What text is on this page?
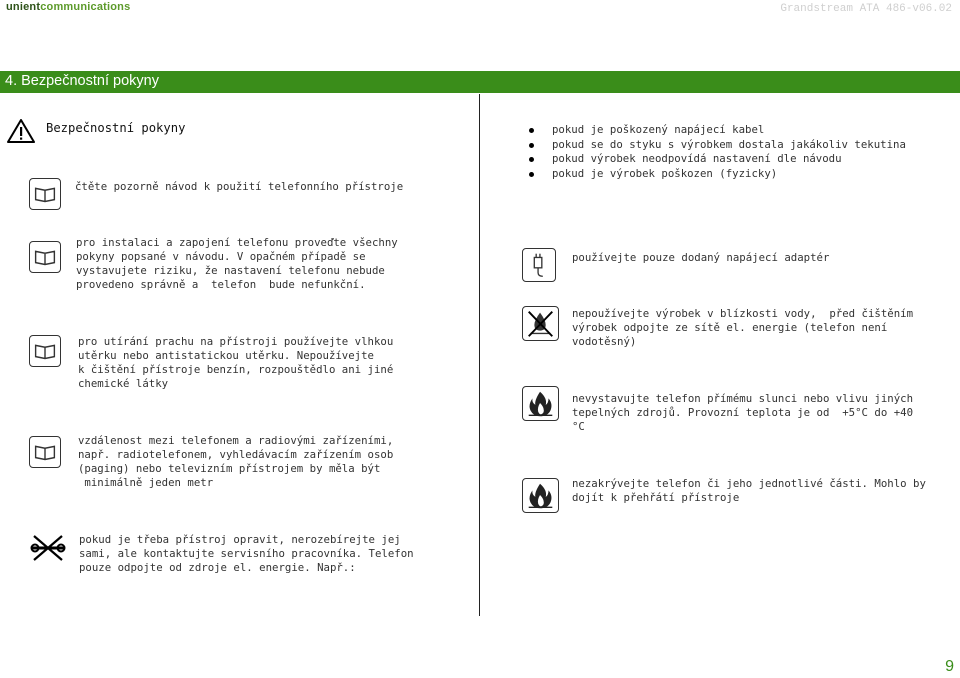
unientcommunications	Grandstream ATA 486-v06.02
4. Bezpečnostní pokyny
Bezpečnostní pokyny
čtěte pozorně návod k použití telefonního přístroje
pro instalaci a zapojení telefonu proveďte všechny
pokyny popsané v návodu. V opačném případě se
vystavujete riziku, že nastavení telefonu nebude
provedeno správně a  telefon  bude nefunkční.
pro utírání prachu na přístroji používejte vlhkou
utěrku nebo antistatickou utěrku. Nepoužívejte
k čištění přístroje benzín, rozpouštědlo ani jiné
chemické látky
vzdálenost mezi telefonem a radiovými zařízeními,
např. radiotelefonem, vyhledávacím zařízením osob
(paging) nebo televizním přístrojem by měla být
minimálně jeden metr
pokud je třeba přístroj opravit, nerozebírejte jej
sami, ale kontaktujte servisního pracovníka. Telefon
pouze odpojte od zdroje el. energie. Např.:
pokud je poškozený napájecí kabel
pokud se do styku s výrobkem dostala jakákoliv tekutina
pokud výrobek neodpovídá nastavení dle návodu
pokud je výrobek poškozen (fyzicky)
používejte pouze dodaný napájecí adaptér
nepoužívejte výrobek v blízkosti vody,  před čištěním
výrobek odpojte ze sítě el. energie (telefon není
vodotěsný)
nevystavujte telefon přímému slunci nebo vlivu jiných
tepelných zdrojů. Provozní teplota je od  +5°C do +40
°C
nezakrývejte telefon či jeho jednotlivé části. Mohlo by
dojít k přehřátí přístroje
9
